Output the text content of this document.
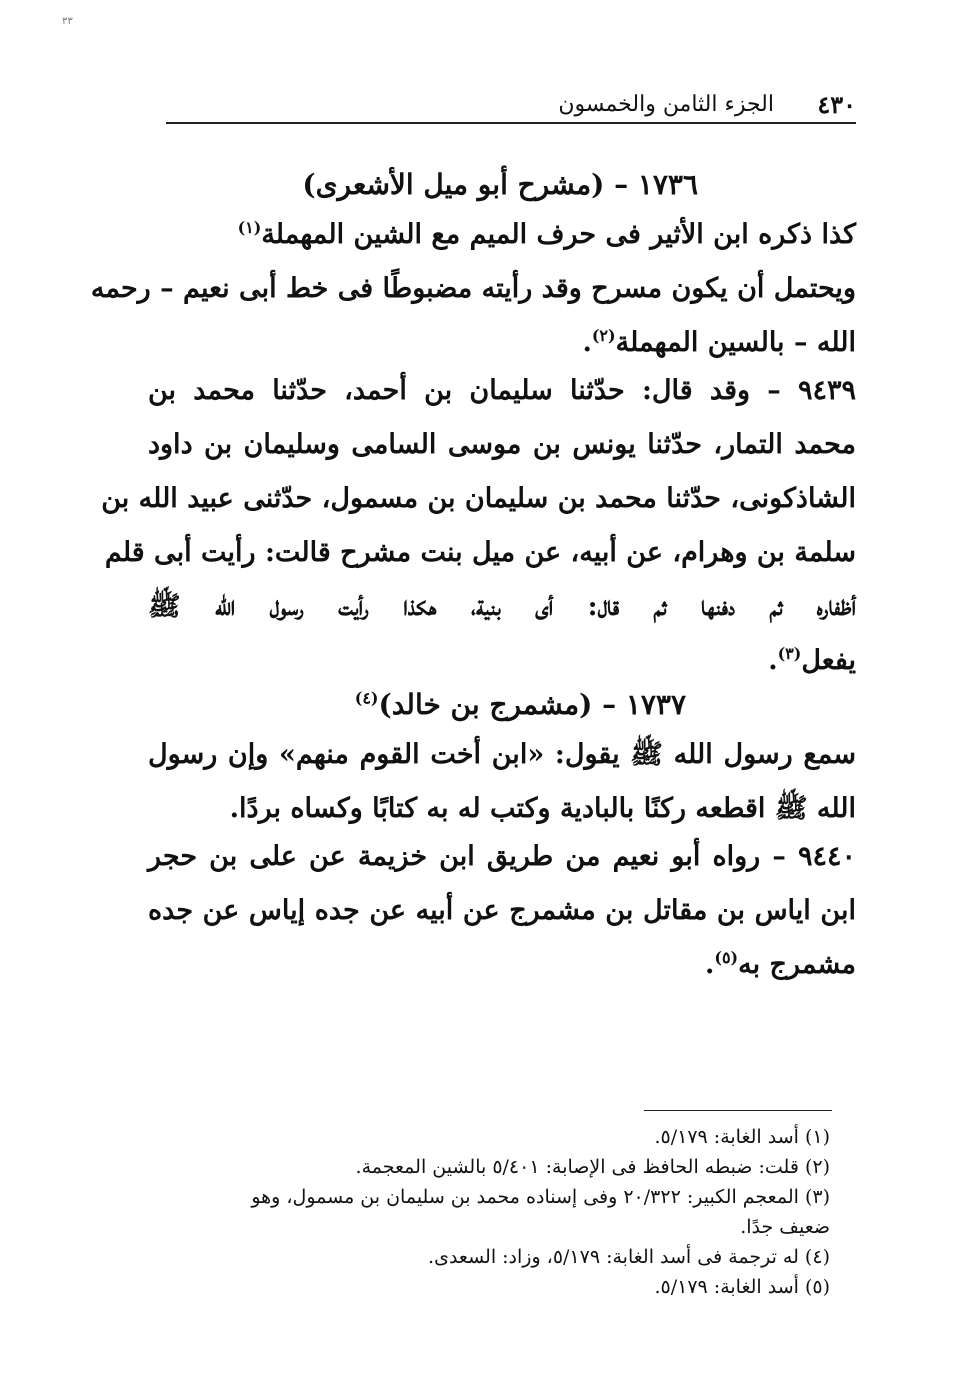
٣٣
٤٣٠
الجزء الثامن والخمسون
١٧٣٦ – (مشرح أبو ميل الأشعرى)
كذا ذكره ابن الأثير فى حرف الميم مع الشين المهملة$^{(١)}$
ويحتمل أن يكون مسرح وقد رأيته مضبوطًا فى خط أبى نعيم – رحمه
الله – بالسين المهملة$^{(٢)}$.
٩٤٣٩ – وقد قال: حدّثنا سليمان بن أحمد، حدّثنا محمد بن
محمد التمار، حدّثنا يونس بن موسى السامى وسليمان بن داود
الشاذكونى، حدّثنا محمد بن سليمان بن مسمول، حدّثنى عبيد الله بن
سلمة بن وهرام، عن أبيه، عن ميل بنت مشرح قالت: رأيت أبى قلم
أظفاره ثم دفنها ثم قال: أى بنية، هكذا رأيت رسول الله ﷺ
يفعل$^{(٣)}$.
١٧٣٧ – (مشمرج بن خالد)$^{(٤)}$
سمع رسول الله ﷺ يقول: «ابن أخت القوم منهم» وإن رسول
الله ﷺ اقطعه ركنًا بالبادية وكتب له به كتابًا وكساه بردًا.
٩٤٤٠ – رواه أبو نعيم من طريق ابن خزيمة عن على بن حجر
ابن اياس بن مقاتل بن مشمرج عن أبيه عن جده إياس عن جده
مشمرج به$^{(٥)}$.
(١) أسد الغابة: ٥/١٧٩.
(٢) قلت: ضبطه الحافظ فى الإصابة: ٥/٤٠١ بالشين المعجمة.
(٣) المعجم الكبير: ٢٠/٣٢٢ وفى إسناده محمد بن سليمان بن مسمول، وهو
ضعيف جدًا.
(٤) له ترجمة فى أسد الغابة: ٥/١٧٩، وزاد: السعدى.
(٥) أسد الغابة: ٥/١٧٩.
